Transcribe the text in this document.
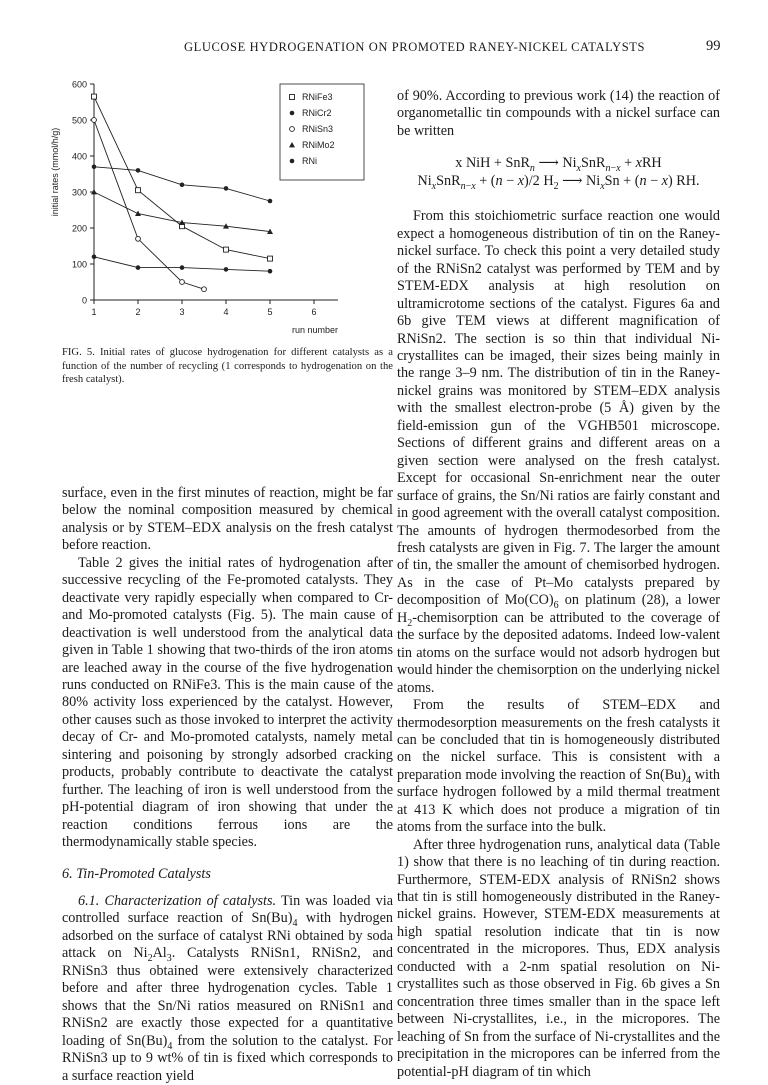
GLUCOSE HYDROGENATION ON PROMOTED RANEY-NICKEL CATALYSTS	99
0
100
200
300
400
500
600
1	2	3	4	5	6
run number
initial rates (mmol/h/g)
RNiFe3
RNiCr2
RNiSn3
RNiMo2
RNi
FIG. 5. Initial rates of glucose hydrogenation for different catalysts as a function of the number of recycling (1 corresponds to hydrogenation on the fresh catalyst).

surface, even in the first minutes of reaction, might be far below the nominal composition measured by chemical analysis or by STEM–EDX analysis on the fresh catalyst before reaction.

Table 2 gives the initial rates of hydrogenation after successive recycling of the Fe-promoted catalysts. They deactivate very rapidly especially when compared to Cr- and Mo-promoted catalysts (Fig. 5). The main cause of deactivation is well understood from the analytical data given in Table 1 showing that two-thirds of the iron atoms are leached away in the course of the five hydrogenation runs conducted on RNiFe3. This is the main cause of the 80% activity loss experienced by the catalyst. However, other causes such as those invoked to interpret the activity decay of Cr- and Mo-promoted catalysts, namely metal sintering and poisoning by strongly adsorbed cracking products, probably contribute to deactivate the catalyst further. The leaching of iron is well understood from the pH-potential diagram of iron showing that under the reaction conditions ferrous ions are the thermodynamically stable species.

6. Tin-Promoted Catalysts

6.1. Characterization of catalysts. Tin was loaded via controlled surface reaction of $Sn(Bu)_4$ with hydrogen adsorbed on the surface of catalyst RNi obtained by soda attack on $Ni_2Al_3$. Catalysts RNiSn1, RNiSn2, and RNiSn3 thus obtained were extensively characterized before and after three hydrogenation cycles. Table 1 shows that the Sn/Ni ratios measured on RNiSn1 and RNiSn2 are exactly those expected for a quantitative loading of $Sn(Bu)_4$ from the solution to the catalyst. For RNiSn3 up to 9 wt% of tin is fixed which corresponds to a surface reaction yield

of 90%. According to previous work (14) the reaction of organometallic tin compounds with a nickel surface can be written

x NiH + SnR$_n$ ⟶ $Ni_xSnR_{n-x}$ + xRH
$Ni_xSnR_{n-x} + (n - x)/2$ $H_2$ ⟶ $Ni_xSn + (n - x)$ RH.

From this stoichiometric surface reaction one would expect a homogeneous distribution of tin on the Raney-nickel surface. To check this point a very detailed study of the RNiSn2 catalyst was performed by TEM and by STEM-EDX analysis at high resolution on ultramicrotome sections of the catalyst. Figures 6a and 6b give TEM views at different magnification of RNiSn2. The section is so thin that individual Ni-crystallites can be imaged, their sizes being mainly in the range 3–9 nm. The distribution of tin in the Raney-nickel grains was monitored by STEM–EDX analysis with the smallest electron-probe (5 Å) given by the field-emission gun of the VGHB501 microscope. Sections of different grains and different areas on a given section were analysed on the fresh catalyst. Except for occasional Sn-enrichment near the outer surface of grains, the Sn/Ni ratios are fairly constant and in good agreement with the overall catalyst composition. The amounts of hydrogen thermodesorbed from the fresh catalysts are given in Fig. 7. The larger the amount of tin, the smaller the amount of chemisorbed hydrogen. As in the case of Pt–Mo catalysts prepared by decomposition of $Mo(CO)_6$ on platinum (28), a lower $H_2$-chemisorption can be attributed to the coverage of the surface by the deposited adatoms. Indeed low-valent tin atoms on the surface would not adsorb hydrogen but would hinder the chemisorption on the underlying nickel atoms.

From the results of STEM–EDX and thermodesorption measurements on the fresh catalysts it can be concluded that tin is homogeneously distributed on the nickel surface. This is consistent with a preparation mode involving the reaction of $Sn(Bu)_4$ with surface hydrogen followed by a mild thermal treatment at 413 K which does not produce a migration of tin atoms from the surface into the bulk.

After three hydrogenation runs, analytical data (Table 1) show that there is no leaching of tin during reaction. Furthermore, STEM-EDX analysis of RNiSn2 shows that tin is still homogeneously distributed in the Raney-nickel grains. However, STEM-EDX measurements at high spatial resolution indicate that tin is now concentrated in the micropores. Thus, EDX analysis conducted with a 2-nm spatial resolution on Ni-crystallites such as those observed in Fig. 6b gives a Sn concentration three times smaller than in the space left between Ni-crystallites, i.e., in the micropores. The leaching of Sn from the surface of Ni-crystallites and the precipitation in the micropores can be inferred from the potential-pH diagram of tin which
